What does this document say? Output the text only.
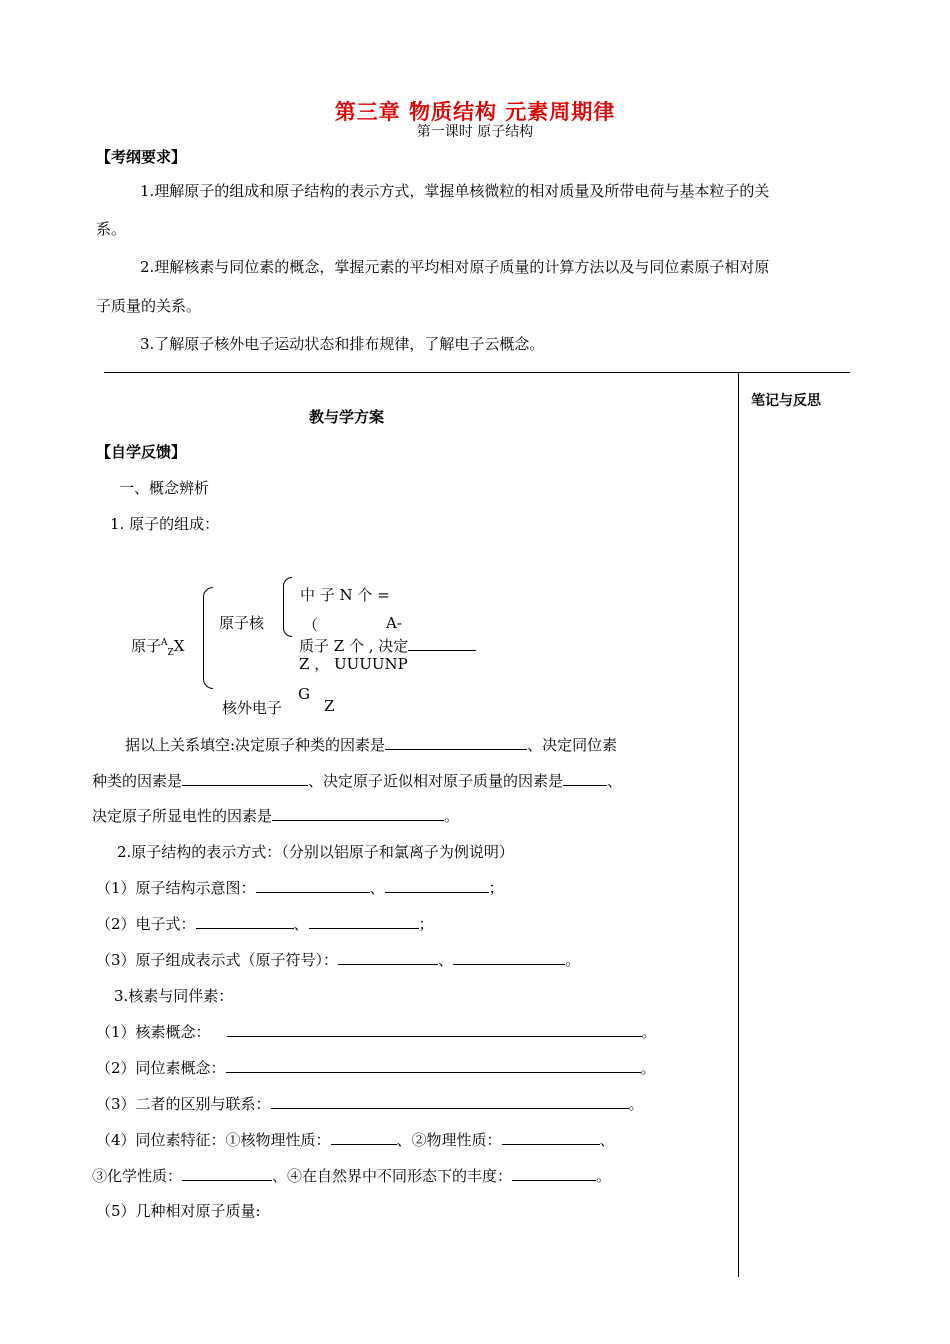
第三章 物质结构 元素周期律
第一课时 原子结构
【考纲要求】
1.理解原子的组成和原子结构的表示方式，掌握单核微粒的相对质量及所带电荷与基本粒子的关
系。
2.理解核素与同位素的概念，掌握元素的平均相对原子质量的计算方法以及与同位素原子相对原
子质量的关系。
3.了解原子核外电子运动状态和排布规律，了解电子云概念。
笔记与反思
教与学方案
【自学反馈】
一、概念辨析
1. 原子的组成：
原子$^A_Z$X
原子核
中 子 N 个 =
（	A-
质子 Z 个 , 决定
Z ， UUUUNP
核外电子
G
Z
据以上关系填空:决定原子种类的因素是	、决定同位素
种类的因素是	、决定原子近似相对原子质量的因素是	、
决定原子所显电性的因素是	。
2.原子结构的表示方式：（分别以铝原子和氯离子为例说明）
（1）原子结构示意图：	、	；
（2）电子式：	、	；
（3）原子组成表示式（原子符号）：	、	。
3.核素与同伴素：
（1）核素概念：	。
（2）同位素概念：	。
（3）二者的区别与联系：	。
（4）同位素特征：①核物理性质：	、②物理性质：	、
③化学性质：	、④在自然界中不同形态下的丰度：	。
（5）几种相对原子质量:
